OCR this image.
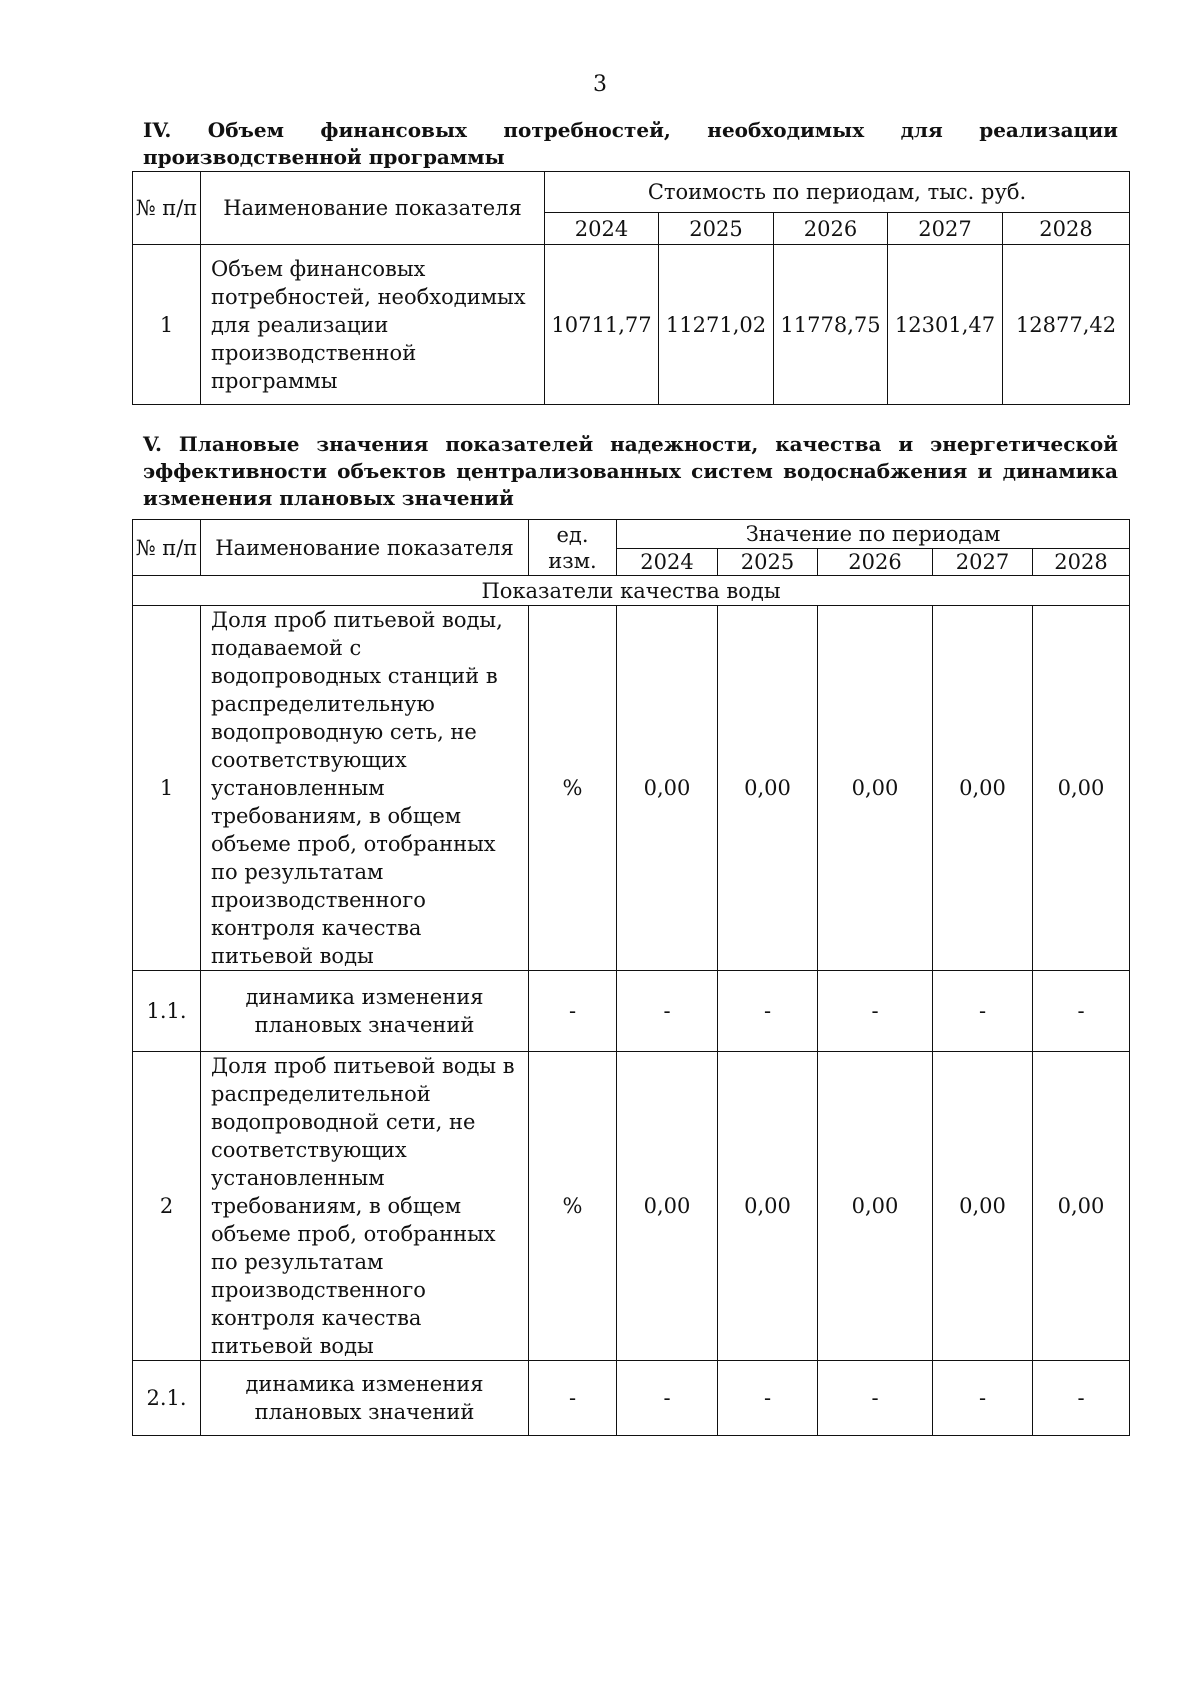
3
IV. Объем финансовых потребностей, необходимых для реализации производственной программы
№ п/п	Наименование показателя	Стоимость по периодам, тыс. руб.				
		2024	2025	2026	2027	2028
1	Объем финансовых потребностей, необходимых для реализации производственной программы	10711,77	11271,02	11778,75	12301,47	12877,42
V. Плановые значения показателей надежности, качества и энергетической эффективности объектов централизованных систем водоснабжения и динамика изменения плановых значений
№ п/п	Наименование показателя	ед. изм.	Значение по периодам				
			2024	2025	2026	2027	2028
Показатели качества воды							
1	Доля проб питьевой воды, подаваемой с водопроводных станций в распределительную водопроводную сеть, не соответствующих установленным требованиям, в общем объеме проб, отобранных по результатам производственного контроля качества питьевой воды	%	0,00	0,00	0,00	0,00	0,00
1.1.	динамика изменения плановых значений	-	-	-	-	-	-
2	Доля проб питьевой воды в распределительной водопроводной сети, не соответствующих установленным требованиям, в общем объеме проб, отобранных по результатам производственного контроля качества питьевой воды	%	0,00	0,00	0,00	0,00	0,00
2.1.	динамика изменения плановых значений	-	-	-	-	-	-
